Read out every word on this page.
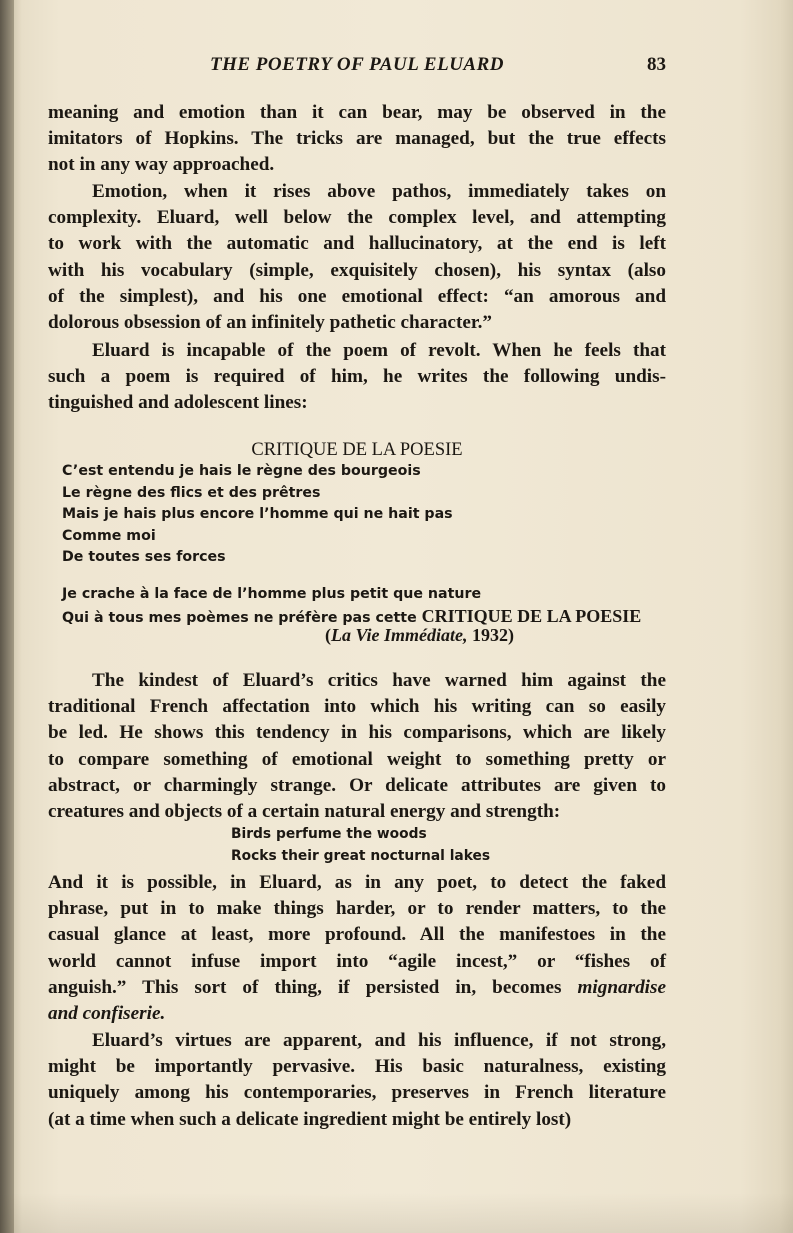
THE POETRY OF PAUL ELUARD	83
meaning and emotion than it can bear, may be observed in the
imitators of Hopkins. The tricks are managed, but the true effects
not in any way approached.
Emotion, when it rises above pathos, immediately takes on
complexity. Eluard, well below the complex level, and attempting
to work with the automatic and hallucinatory, at the end is left
with his vocabulary (simple, exquisitely chosen), his syntax (also
of the simplest), and his one emotional effect: “an amorous and
dolorous obsession of an infinitely pathetic character.”
Eluard is incapable of the poem of revolt. When he feels that
such a poem is required of him, he writes the following undis-
tinguished and adolescent lines:
CRITIQUE DE LA POESIE
C’est entendu je hais le règne des bourgeois
Le règne des flics et des prêtres
Mais je hais plus encore l’homme qui ne hait pas
Comme moi
De toutes ses forces
Je crache à la face de l’homme plus petit que nature
Qui à tous mes poèmes ne préfère pas cette CRITIQUE DE LA POESIE
(La Vie Immédiate, 1932)
The kindest of Eluard’s critics have warned him against the
traditional French affectation into which his writing can so easily
be led. He shows this tendency in his comparisons, which are likely
to compare something of emotional weight to something pretty or
abstract, or charmingly strange. Or delicate attributes are given to
creatures and objects of a certain natural energy and strength:
Birds perfume the woods
Rocks their great nocturnal lakes
And it is possible, in Eluard, as in any poet, to detect the faked
phrase, put in to make things harder, or to render matters, to the
casual glance at least, more profound. All the manifestoes in the
world cannot infuse import into “agile incest,” or “fishes of
anguish.” This sort of thing, if persisted in, becomes mignardise
and confiserie.
Eluard’s virtues are apparent, and his influence, if not strong,
might be importantly pervasive. His basic naturalness, existing
uniquely among his contemporaries, preserves in French literature
(at a time when such a delicate ingredient might be entirely lost)
